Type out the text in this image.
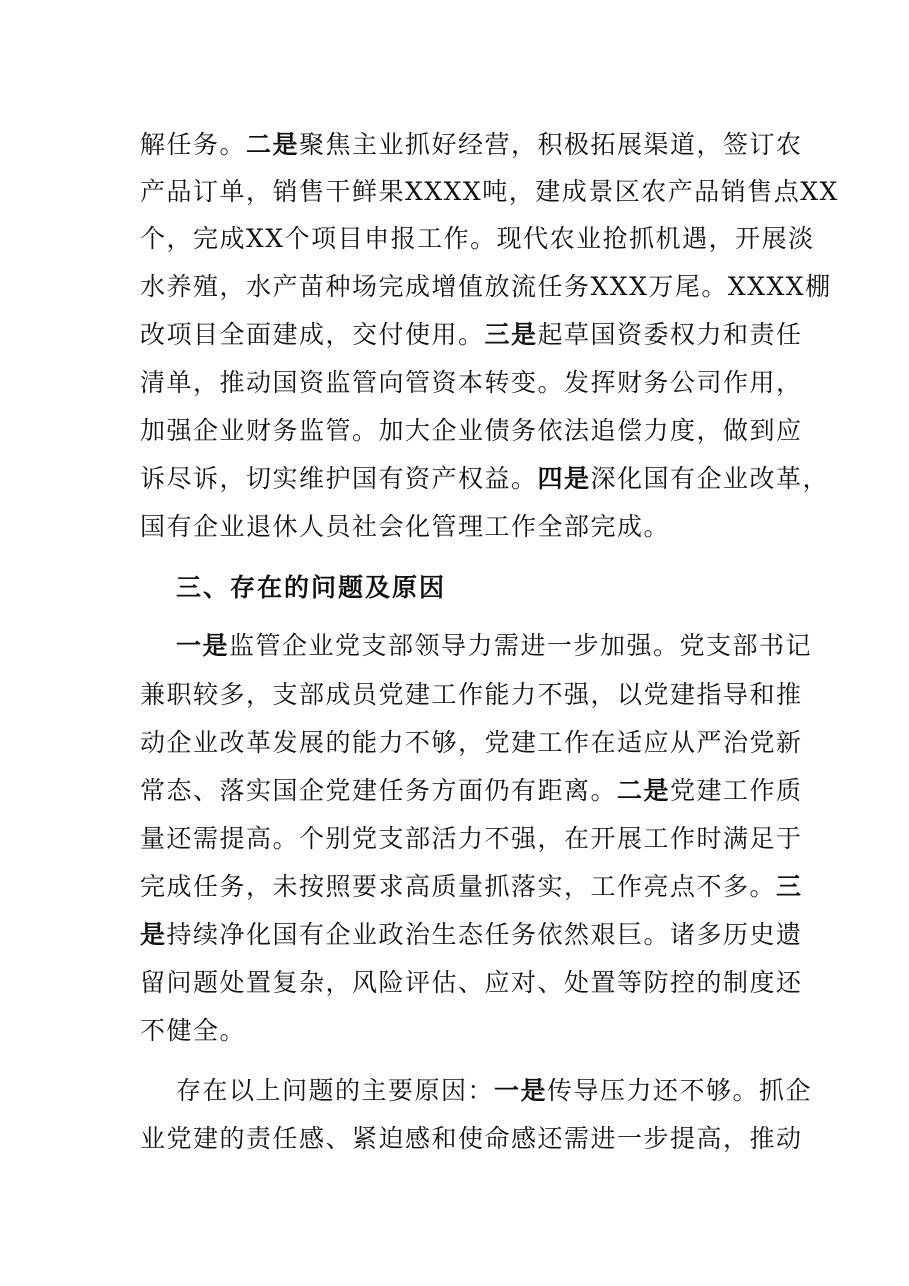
解任务。二是聚焦主业抓好经营，积极拓展渠道，签订农
产品订单，销售干鲜果XXXX吨，建成景区农产品销售点XX
个，完成XX个项目申报工作。现代农业抢抓机遇，开展淡
水养殖，水产苗种场完成增值放流任务XXX万尾。XXXX棚
改项目全面建成，交付使用。三是起草国资委权力和责任
清单，推动国资监管向管资本转变。发挥财务公司作用，
加强企业财务监管。加大企业债务依法追偿力度，做到应
诉尽诉，切实维护国有资产权益。四是深化国有企业改革，
国有企业退休人员社会化管理工作全部完成。
三、存在的问题及原因
一是监管企业党支部领导力需进一步加强。党支部书记
兼职较多，支部成员党建工作能力不强，以党建指导和推
动企业改革发展的能力不够，党建工作在适应从严治党新
常态、落实国企党建任务方面仍有距离。二是党建工作质
量还需提高。个别党支部活力不强，在开展工作时满足于
完成任务，未按照要求高质量抓落实，工作亮点不多。三
是持续净化国有企业政治生态任务依然艰巨。诸多历史遗
留问题处置复杂，风险评估、应对、处置等防控的制度还
不健全。
存在以上问题的主要原因：一是传导压力还不够。抓企
业党建的责任感、紧迫感和使命感还需进一步提高，推动
